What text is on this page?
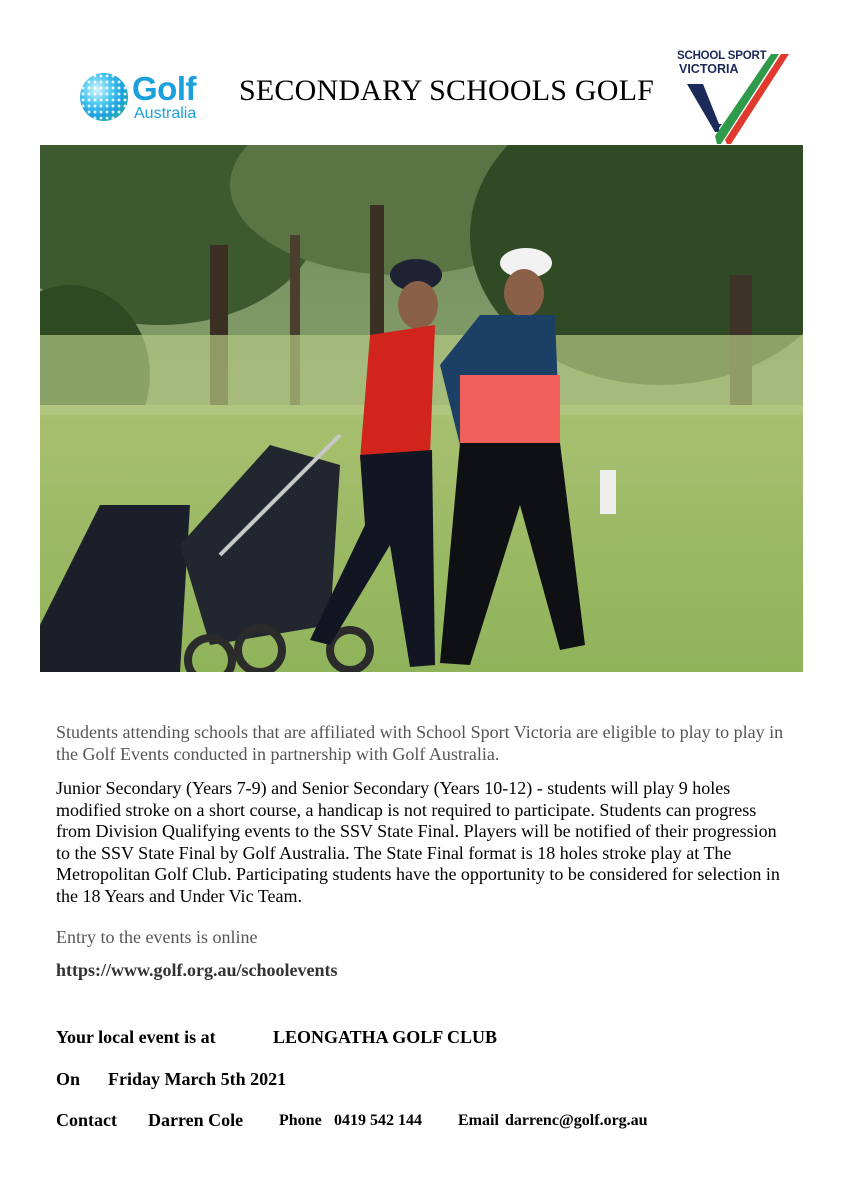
Golf
Australia
SECONDARY SCHOOLS GOLF
SCHOOL SPORT
VICTORIA

Students attending schools that are affiliated with School Sport Victoria are eligible to play to play in the Golf Events conducted in partnership with Golf Australia.

Junior Secondary (Years 7-9) and Senior Secondary (Years 10-12) - students will play 9 holes modified stroke on a short course, a handicap is not required to participate. Students can progress from Division Qualifying events to the SSV State Final. Players will be notified of their progression to the SSV State Final by Golf Australia. The State Final format is 18 holes stroke play at The Metropolitan Golf Club. Participating students have the opportunity to be considered for selection in the 18 Years and Under Vic Team.

Entry to the events is online

https://www.golf.org.au/schoolevents

Your local event is at	LEONGATHA GOLF CLUB
On Friday March 5th 2021
Contact Darren Cole Phone 0419 542 144 Email darrenc@golf.org.au
